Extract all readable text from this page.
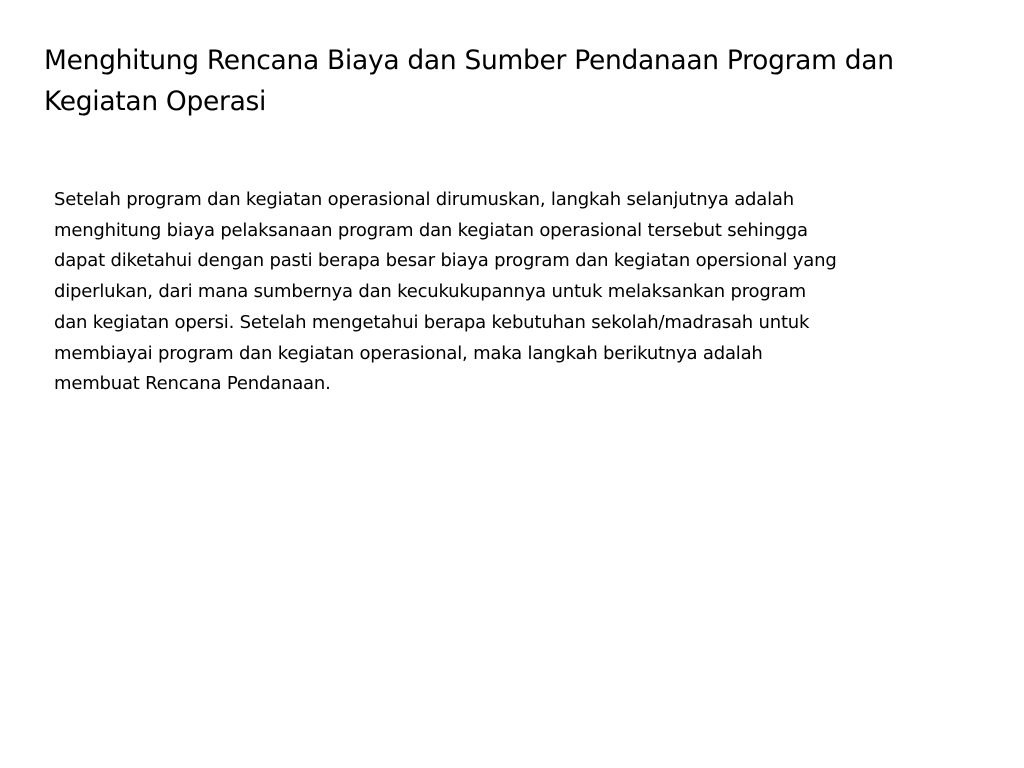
Menghitung Rencana Biaya dan Sumber Pendanaan Program dan
Kegiatan Operasi
Setelah program dan kegiatan operasional dirumuskan, langkah selanjutnya adalah
menghitung biaya pelaksanaan program dan kegiatan operasional tersebut sehingga
dapat diketahui dengan pasti berapa besar biaya program dan kegiatan opersional yang
diperlukan, dari mana sumbernya dan kecukukupannya untuk melaksankan program
dan kegiatan opersi. Setelah mengetahui berapa kebutuhan sekolah/madrasah untuk
membiayai program dan kegiatan operasional, maka langkah berikutnya adalah
membuat Rencana Pendanaan.
